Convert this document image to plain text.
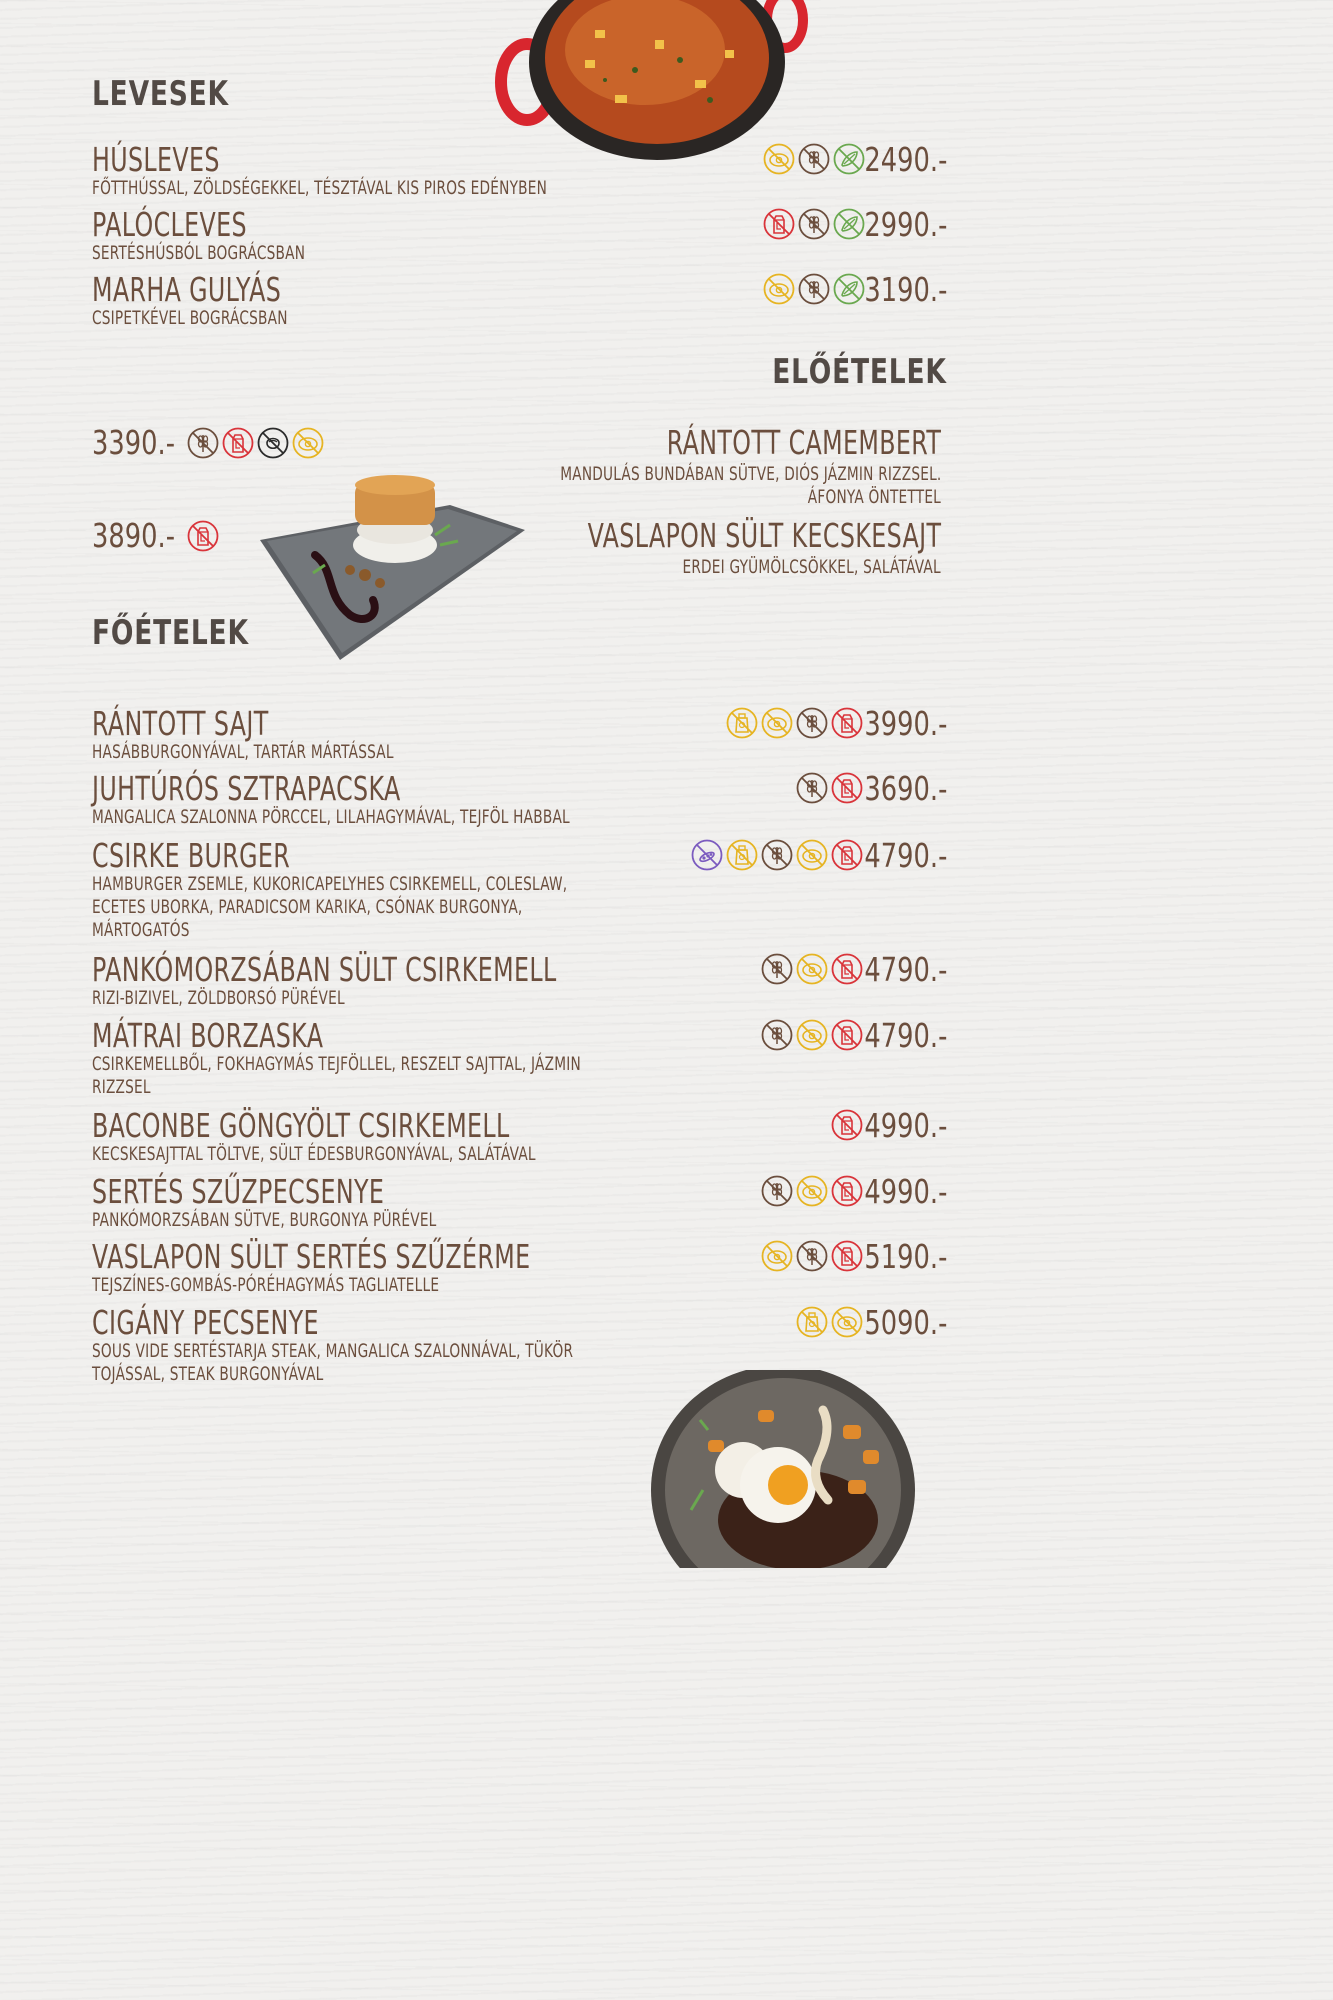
LEVESEK
ELŐÉTELEK
FŐÉTELEK
HÚSLEVES
FŐTTHÚSSAL, ZÖLDSÉGEKKEL, TÉSZTÁVAL KIS PIROS EDÉNYBEN
2490.-
PALÓCLEVES
SERTÉSHÚSBÓL BOGRÁCSBAN
2990.-
MARHA GULYÁS
CSIPETKÉVEL BOGRÁCSBAN
3190.-
RÁNTOTT CAMEMBERT
MANDULÁS BUNDÁBAN SÜTVE, DIÓS JÁZMIN RIZZSEL.
ÁFONYA ÖNTETTEL
3390.-
VASLAPON SÜLT KECSKESAJT
ERDEI GYÜMÖLCSÖKKEL, SALÁTÁVAL
3890.-
RÁNTOTT SAJT
HASÁBBURGONYÁVAL, TARTÁR MÁRTÁSSAL
3990.-
JUHTÚRÓS SZTRAPACSKA
MANGALICA SZALONNA PÖRCCEL, LILAHAGYMÁVAL, TEJFÖL HABBAL
3690.-
CSIRKE BURGER
HAMBURGER ZSEMLE, KUKORICAPELYHES CSIRKEMELL, COLESLAW,
ECETES UBORKA, PARADICSOM KARIKA, CSÓNAK BURGONYA,
MÁRTOGATÓS
4790.-
PANKÓMORZSÁBAN SÜLT CSIRKEMELL
RIZI-BIZIVEL, ZÖLDBORSÓ PÜRÉVEL
4790.-
MÁTRAI BORZASKA
CSIRKEMELLBŐL, FOKHAGYMÁS TEJFÖLLEL, RESZELT SAJTTAL, JÁZMIN
RIZZSEL
4790.-
BACONBE GÖNGYÖLT CSIRKEMELL
KECSKESAJTTAL TÖLTVE, SÜLT ÉDESBURGONYÁVAL, SALÁTÁVAL
4990.-
SERTÉS SZŰZPECSENYE
PANKÓMORZSÁBAN SÜTVE, BURGONYA PÜRÉVEL
4990.-
VASLAPON SÜLT SERTÉS SZŰZÉRME
TEJSZÍNES-GOMBÁS-PÓRÉHAGYMÁS TAGLIATELLE
5190.-
CIGÁNY PECSENYE
SOUS VIDE SERTÉSTARJA STEAK, MANGALICA SZALONNÁVAL, TÜKÖR
TOJÁSSAL, STEAK BURGONYÁVAL
5090.-
